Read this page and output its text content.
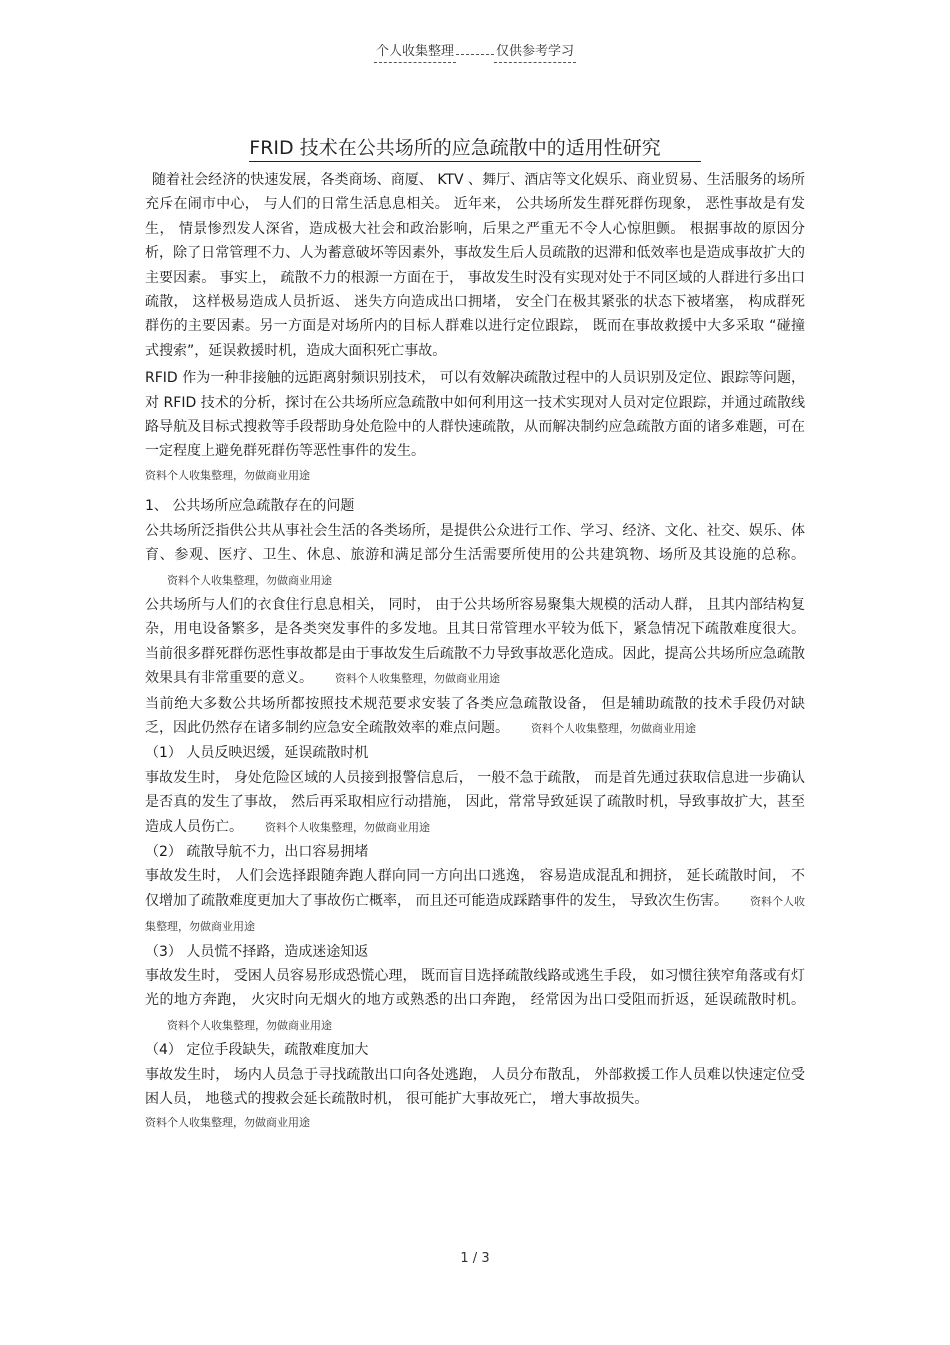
个人收集整理	仅供参考学习
FRID 技术在公共场所的应急疏散中的适用性研究

随着社会经济的快速发展，各类商场、商厦、 KTV 、舞厅、酒店等文化娱乐、商业贸易、生活服务的场所充斥在闹市中心， 与人们的日常生活息息相关。 近年来， 公共场所发生群死群伤现象， 恶性事故是有发生， 情景惨烈发人深省，造成极大社会和政治影响，后果之严重无不令人心惊胆颤。 根据事故的原因分析，除了日常管理不力、人为蓄意破坏等因素外，事故发生后人员疏散的迟滞和低效率也是造成事故扩大的主要因素。 事实上， 疏散不力的根源一方面在于， 事故发生时没有实现对处于不同区域的人群进行多出口疏散， 这样极易造成人员折返、 迷失方向造成出口拥堵， 安全门在极其紧张的状态下被堵塞， 构成群死群伤的主要因素。另一方面是对场所内的目标人群难以进行定位跟踪， 既而在事故救援中大多采取 “碰撞式搜索”，延误救援时机，造成大面积死亡事故。

RFID 作为一种非接触的远距离射频识别技术， 可以有效解决疏散过程中的人员识别及定位、跟踪等问题，对 RFID 技术的分析，探讨在公共场所应急疏散中如何利用这一技术实现对人员对定位跟踪，并通过疏散线路导航及目标式搜救等手段帮助身处危险中的人群快速疏散，从而解决制约应急疏散方面的诸多难题，可在一定程度上避免群死群伤等恶性事件的发生。

资料个人收集整理，勿做商业用途

1、 公共场所应急疏散存在的问题

公共场所泛指供公共从事社会生活的各类场所，是提供公众进行工作、学习、经济、文化、社交、娱乐、体育、参观、医疗、卫生、休息、旅游和满足部分生活需要所使用的公共建筑物、场所及其设施的总称。资料个人收集整理，勿做商业用途

公共场所与人们的衣食住行息息相关， 同时， 由于公共场所容易聚集大规模的活动人群， 且其内部结构复杂，用电设备繁多，是各类突发事件的多发地。且其日常管理水平较为低下，紧急情况下疏散难度很大。 当前很多群死群伤恶性事故都是由于事故发生后疏散不力导致事故恶化造成。因此，提高公共场所应急疏散效果具有非常重要的意义。 资料个人收集整理，勿做商业用途

当前绝大多数公共场所都按照技术规范要求安装了各类应急疏散设备， 但是辅助疏散的技术手段仍对缺乏，因此仍然存在诸多制约应急安全疏散效率的难点问题。 资料个人收集整理，勿做商业用途

（1） 人员反映迟缓，延误疏散时机

事故发生时， 身处危险区域的人员接到报警信息后， 一般不急于疏散， 而是首先通过获取信息进一步确认是否真的发生了事故， 然后再采取相应行动措施， 因此，常常导致延误了疏散时机，导致事故扩大，甚至造成人员伤亡。 资料个人收集整理，勿做商业用途

（2） 疏散导航不力，出口容易拥堵

事故发生时， 人们会选择跟随奔跑人群向同一方向出口逃逸， 容易造成混乱和拥挤， 延长疏散时间， 不仅增加了疏散难度更加大了事故伤亡概率， 而且还可能造成踩踏事件的发生， 导致次生伤害。 资料个人收集整理，勿做商业用途

（3） 人员慌不择路，造成迷途知返

事故发生时， 受困人员容易形成恐慌心理， 既而盲目选择疏散线路或逃生手段， 如习惯往狭窄角落或有灯光的地方奔跑， 火灾时向无烟火的地方或熟悉的出口奔跑， 经常因为出口受阻而折返，延误疏散时机。资料个人收集整理，勿做商业用途

（4） 定位手段缺失，疏散难度加大

事故发生时， 场内人员急于寻找疏散出口向各处逃跑， 人员分布散乱， 外部救援工作人员难以快速定位受困人员， 地毯式的搜救会延长疏散时机， 很可能扩大事故死亡， 增大事故损失。

资料个人收集整理，勿做商业用途

1 / 3
